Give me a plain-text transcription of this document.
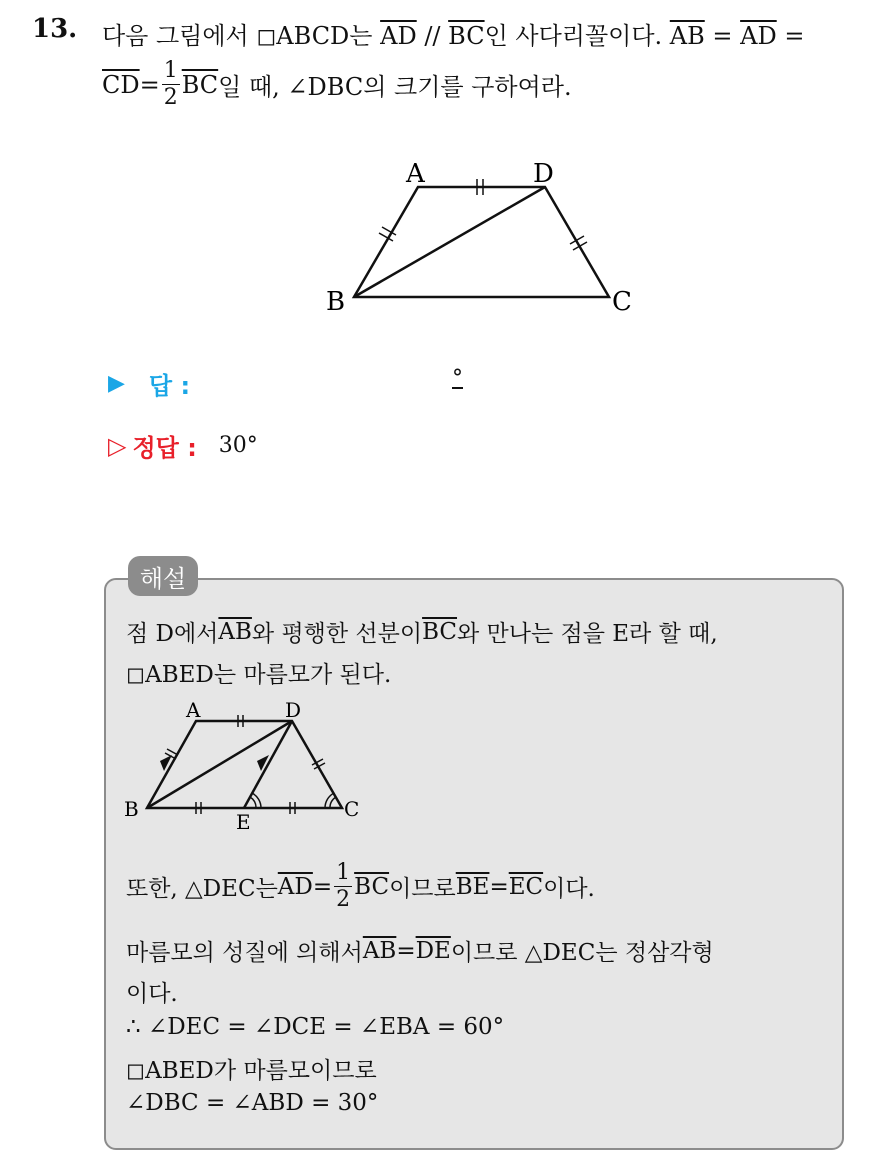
13. 다음 그림에서 ◻ABCD는 $\overline{AD} // \overline{BC}$인 사다리꼴이다. $\overline{AB} = \overline{AD}$ =
$\overline{CD} = \frac{1}{2} \overline{BC}$ 일 때, ∠DBC의 크기를 구하여라.
A	D
B	C
▶ 답 :	°
▷ 정답 : 30°
해설
점 D에서 $\overline{AB}$ 와 평행한 선분이 $\overline{BC}$ 와 만나는 점을 E라 할 때,
◻ABED는 마름모가 된다.
A	D
B
E
C
또한, △DEC는 $\overline{AD} = \frac{1}{2} \overline{BC}$ 이므로 $\overline{BE} = \overline{EC}$ 이다.
마름모의 성질에 의해서 $\overline{AB} = \overline{DE}$ 이므로 △DEC는 정삼각형
이다.
∴ ∠DEC = ∠DCE = ∠EBA = 60°
◻ABED가 마름모이므로
∠DBC = ∠ABD = 30°
